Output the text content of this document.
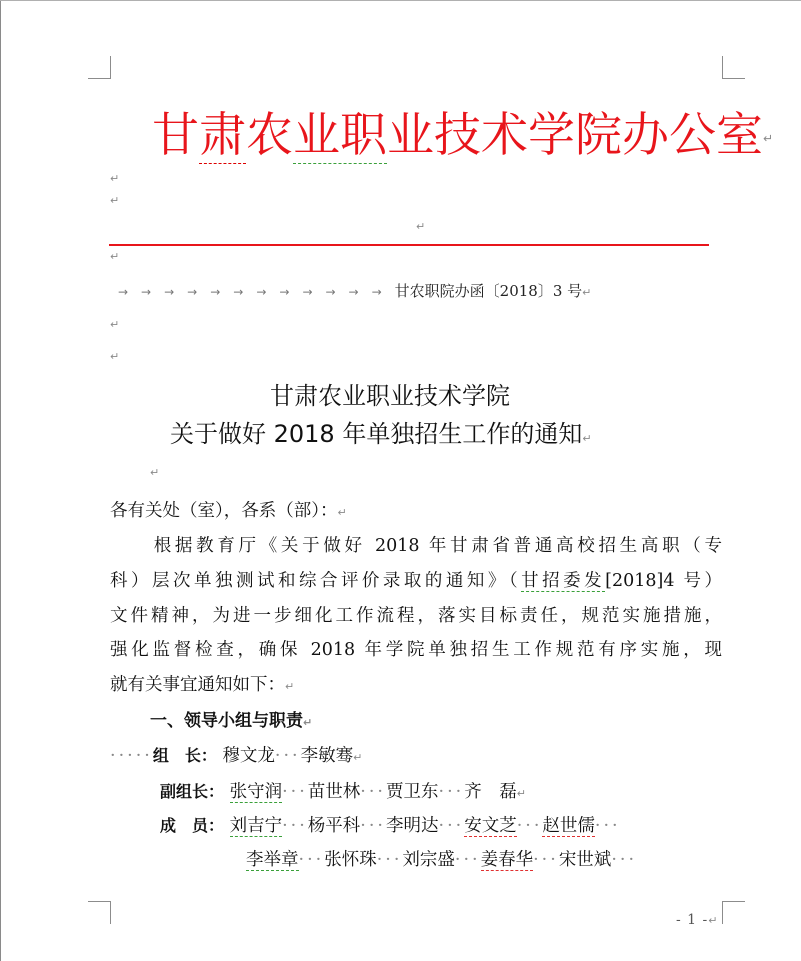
甘肃农业职业技术学院办公室↵
↵
↵
↵
↵
→→→→→→→→→→→→甘农职院办函〔2018〕3 号↵
↵
↵
甘肃农业职业技术学院
关于做好 2018 年单独招生工作的通知↵
↵
各有关处（室），各系（部）：↵
根据教育厅《关于做好 2018 年甘肃省普通高校招生高职（专
科）层次单独测试和综合评价录取的通知》（甘招委发[2018]4 号）
文件精神，为进一步细化工作流程，落实目标责任，规范实施措施，
强化监督检查，确保 2018 年学院单独招生工作规范有序实施，现
就有关事宜通知如下：↵
一、领导小组与职责↵
·····组　长： 穆文龙···李敏骞↵
副组长： 张守润···苗世林···贾卫东···齐　磊↵
成　员： 刘吉宁···杨平科···李明达···安文芝···赵世儒···
李举章···张怀珠···刘宗盛···姜春华···宋世斌···
- 1 -↵
